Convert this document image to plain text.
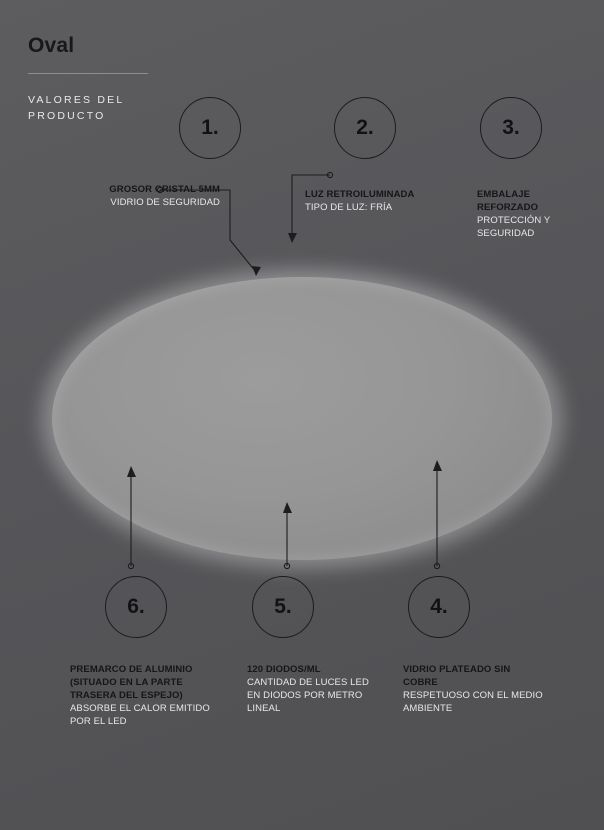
Oval
VALORES DEL PRODUCTO	1.	2.	3.
4.
5.
6.
GROSOR CRISTAL 5MM
VIDRIO DE SEGURIDAD
LUZ RETROILUMINADA
TIPO DE LUZ: FRÍA
EMBALAJE REFORZADO
PROTECCIÓN Y SEGURIDAD
VIDRIO PLATEADO SIN COBRE
RESPETUOSO CON EL MEDIO AMBIENTE
120 DIODOS/ML
CANTIDAD DE LUCES LED EN DIODOS POR METRO LINEAL
PREMARCO DE ALUMINIO (SITUADO EN LA PARTE TRASERA DEL ESPEJO)
ABSORBE EL CALOR EMITIDO POR EL LED
